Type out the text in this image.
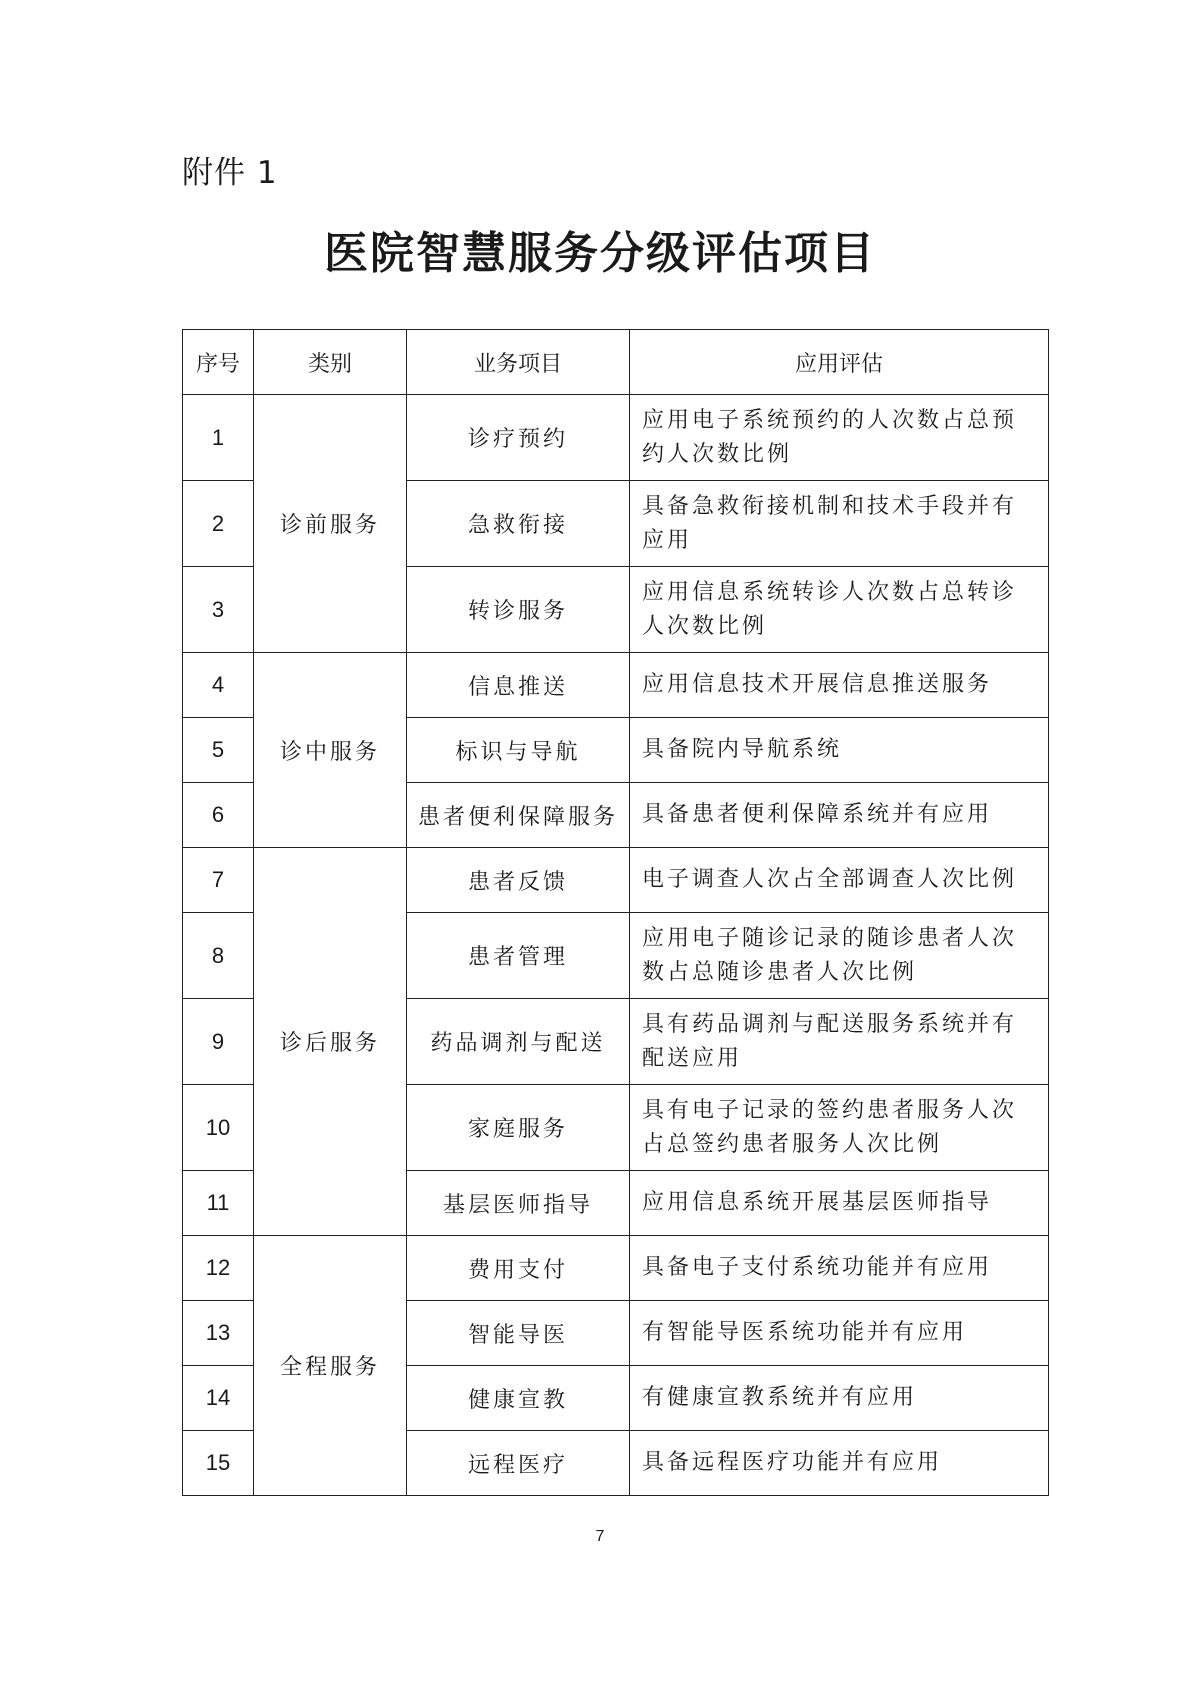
附件 1
医院智慧服务分级评估项目
序号	类别	业务项目	应用评估
1	诊前服务	诊疗预约	应用电子系统预约的人次数占总预约人次数比例
2		急救衔接	具备急救衔接机制和技术手段并有应用
3		转诊服务	应用信息系统转诊人次数占总转诊人次数比例
4	诊中服务	信息推送	应用信息技术开展信息推送服务
5		标识与导航	具备院内导航系统
6		患者便利保障服务	具备患者便利保障系统并有应用
7	诊后服务	患者反馈	电子调查人次占全部调查人次比例
8		患者管理	应用电子随诊记录的随诊患者人次数占总随诊患者人次比例
9		药品调剂与配送	具有药品调剂与配送服务系统并有配送应用
10		家庭服务	具有电子记录的签约患者服务人次占总签约患者服务人次比例
11		基层医师指导	应用信息系统开展基层医师指导
12	全程服务	费用支付	具备电子支付系统功能并有应用
13		智能导医	有智能导医系统功能并有应用
14		健康宣教	有健康宣教系统并有应用
15		远程医疗	具备远程医疗功能并有应用
7
